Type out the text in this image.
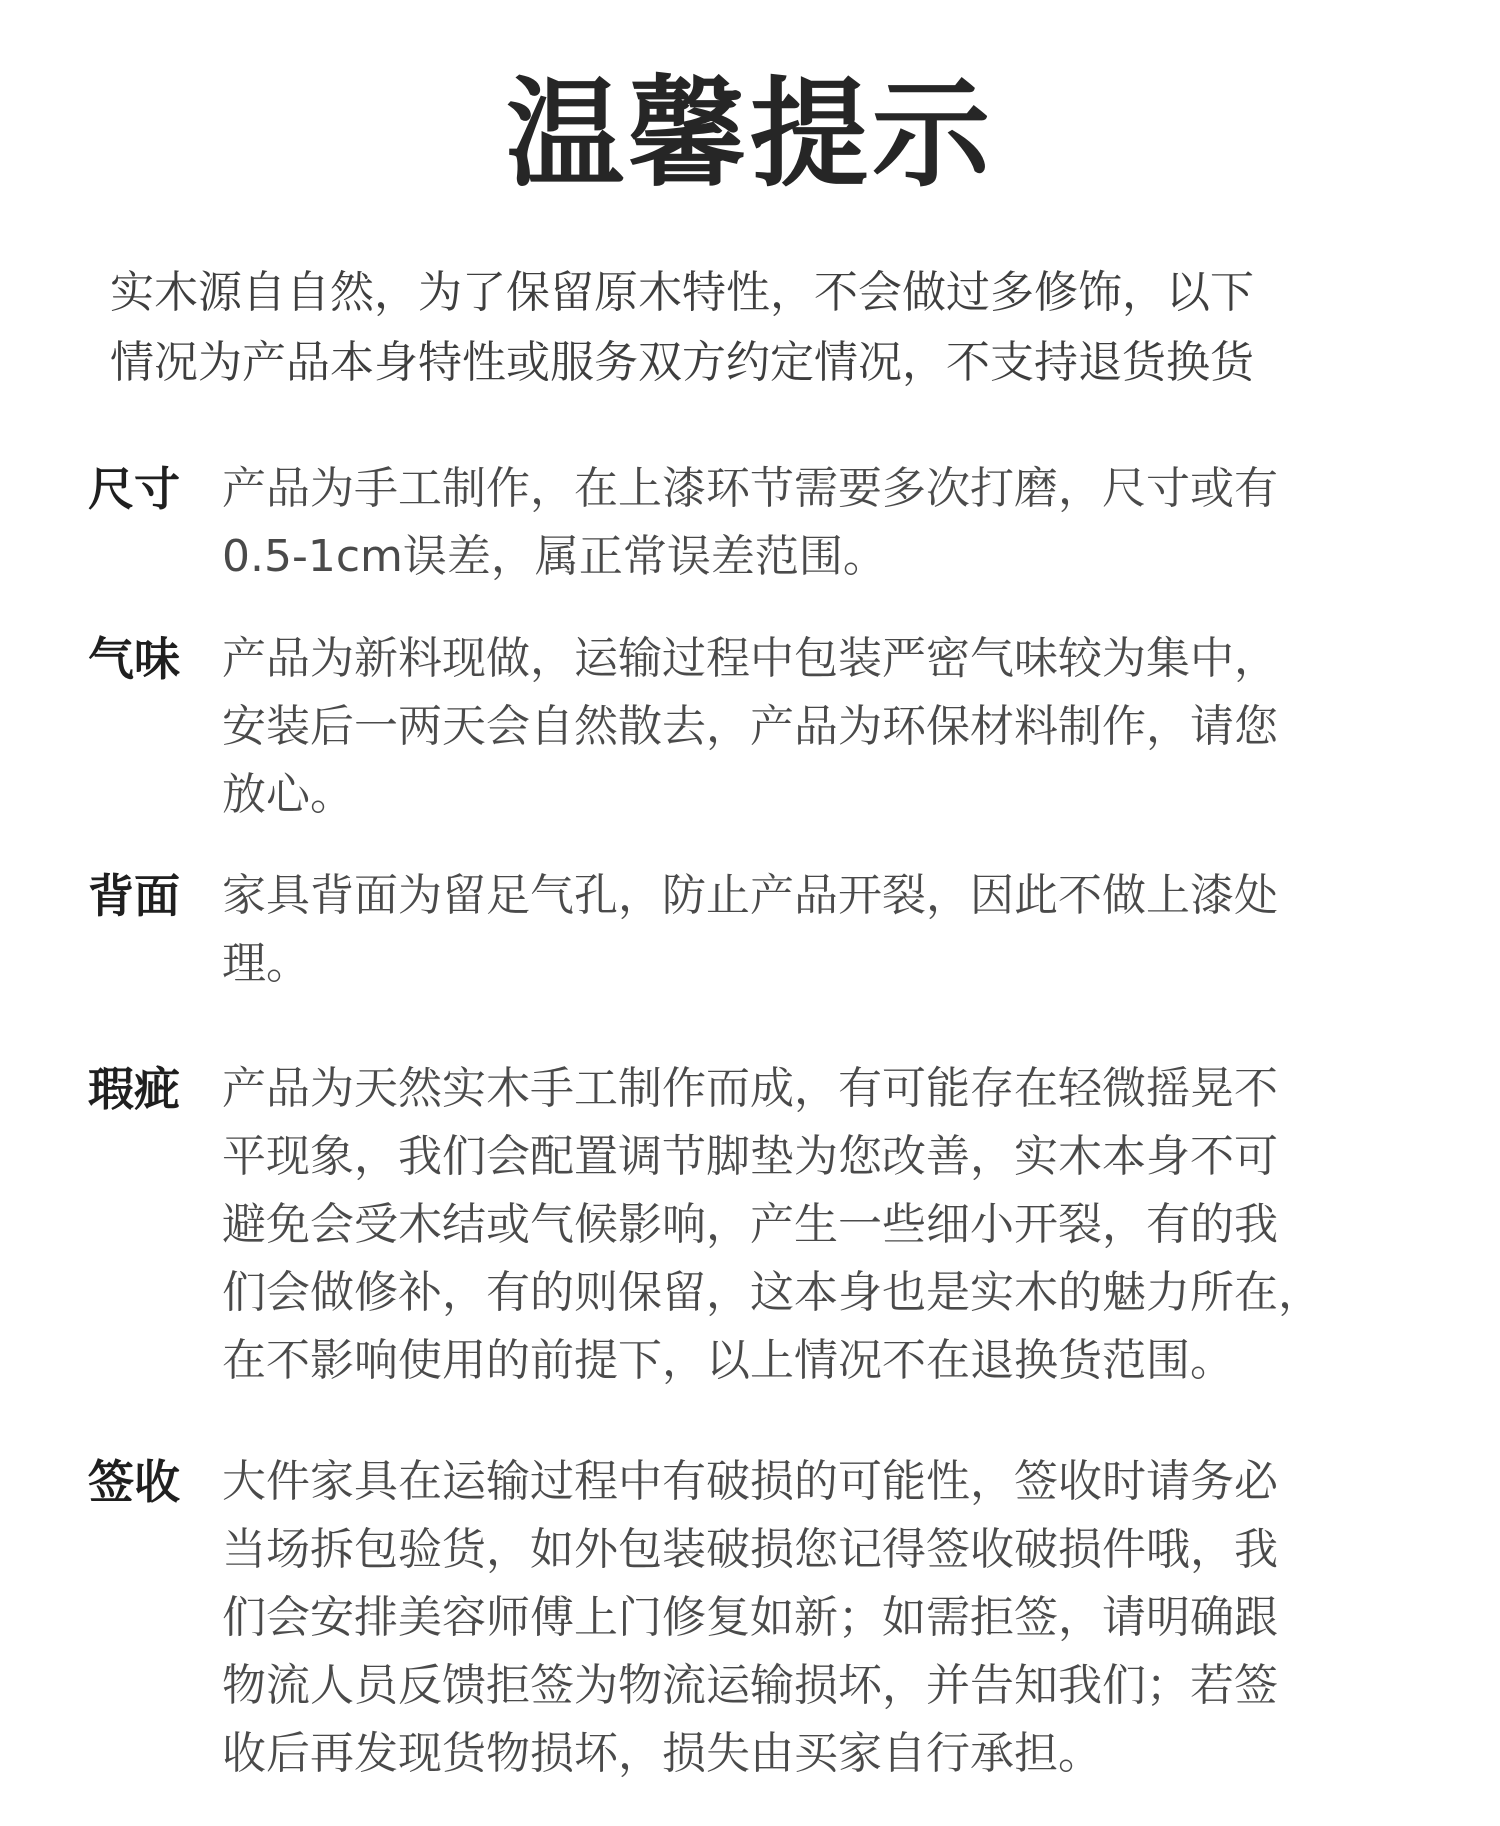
温馨提示

实木源自自然，为了保留原木特性，不会做过多修饰，以下

情况为产品本身特性或服务双方约定情况，不支持退货换货

尺寸 产品为手工制作，在上漆环节需要多次打磨，尺寸或有

0.5-1cm误差，属正常误差范围。

气味 产品为新料现做，运输过程中包装严密气味较为集中，

安装后一两天会自然散去，产品为环保材料制作，请您

放心。

背面 家具背面为留足气孔，防止产品开裂，因此不做上漆处

理。

瑕疵 产品为天然实木手工制作而成，有可能存在轻微摇晃不

平现象，我们会配置调节脚垫为您改善，实木本身不可

避免会受木结或气候影响，产生一些细小开裂，有的我

们会做修补，有的则保留，这本身也是实木的魅力所在，

在不影响使用的前提下，以上情况不在退换货范围。

签收 大件家具在运输过程中有破损的可能性，签收时请务必

当场拆包验货，如外包装破损您记得签收破损件哦，我

们会安排美容师傅上门修复如新；如需拒签，请明确跟

物流人员反馈拒签为物流运输损坏，并告知我们；若签

收后再发现货物损坏，损失由买家自行承担。
